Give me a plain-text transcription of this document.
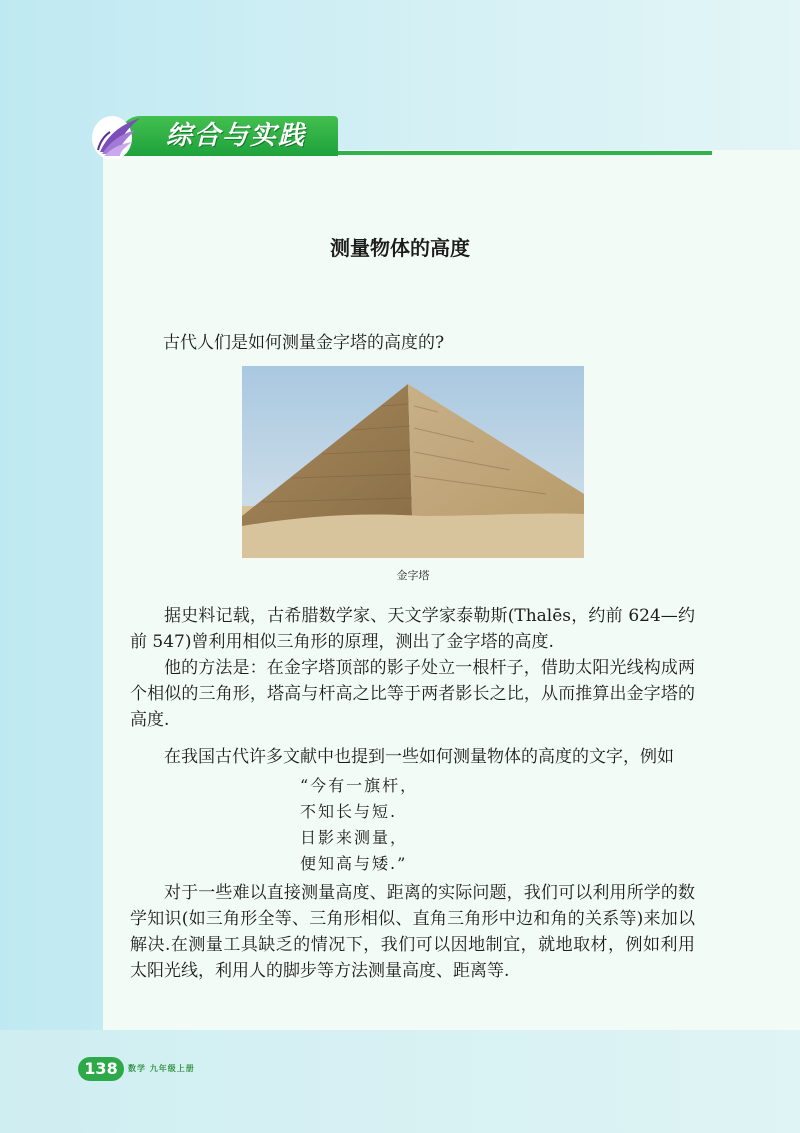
综合与实践
测量物体的高度
古代人们是如何测量金字塔的高度的?
金字塔

据史料记载，古希腊数学家、天文学家泰勒斯(Thalēs，约前 624—约前 547)曾利用相似三角形的原理，测出了金字塔的高度.

他的方法是：在金字塔顶部的影子处立一根杆子，借助太阳光线构成两个相似的三角形，塔高与杆高之比等于两者影长之比，从而推算出金字塔的高度.

在我国古代许多文献中也提到一些如何测量物体的高度的文字，例如

“今有一旗杆，
不知长与短.
日影来测量，
便知高与矮.”

对于一些难以直接测量高度、距离的实际问题，我们可以利用所学的数学知识(如三角形全等、三角形相似、直角三角形中边和角的关系等)来加以解决.在测量工具缺乏的情况下，我们可以因地制宜，就地取材，例如利用太阳光线，利用人的脚步等方法测量高度、距离等.

138 数学 九年级上册
